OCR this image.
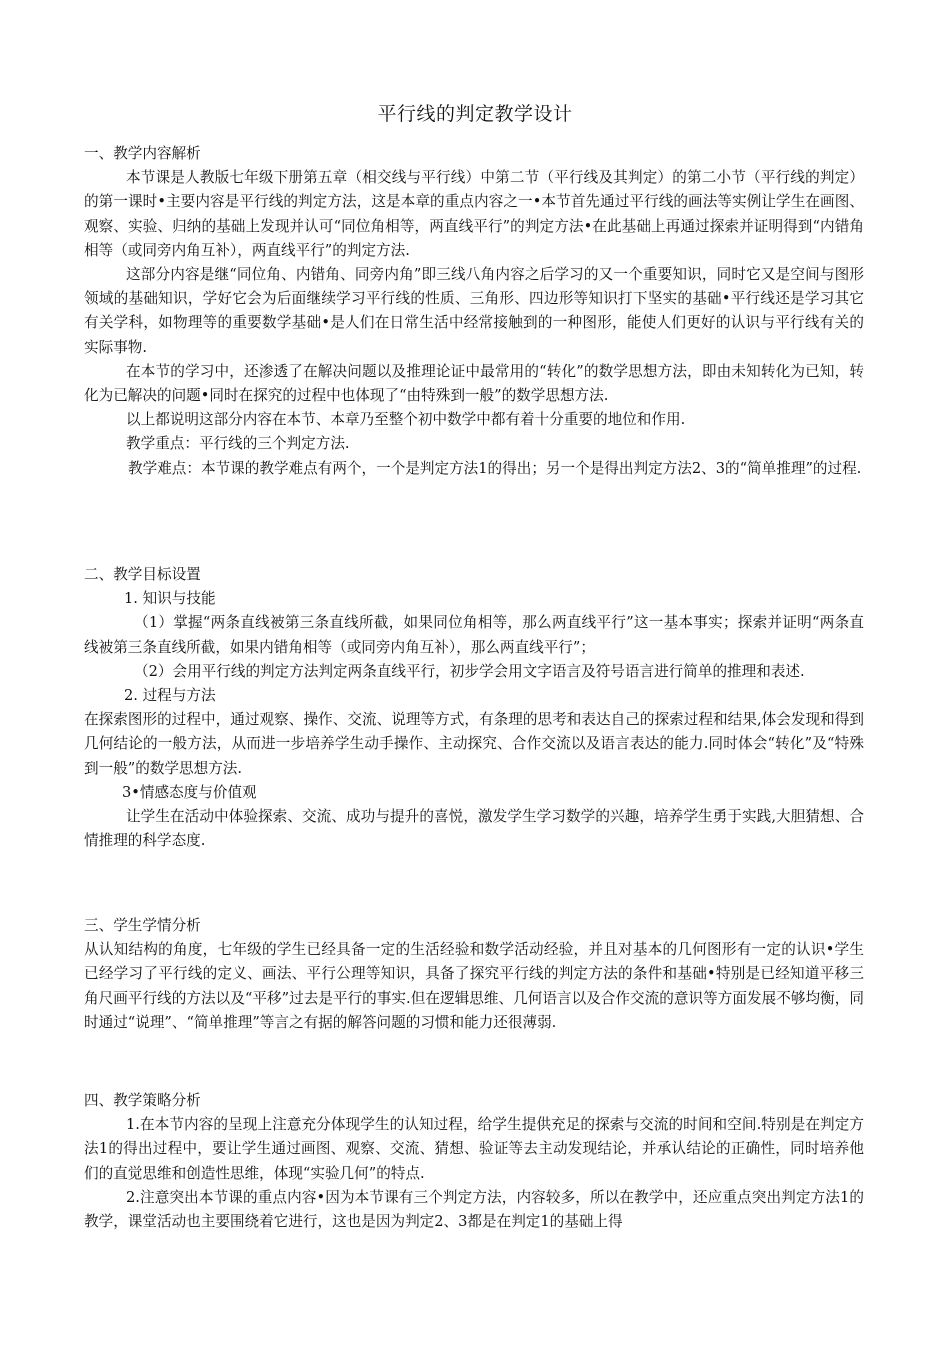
平行线的判定教学设计

一、教学内容解析

本节课是人教版七年级下册第五章（相交线与平行线）中第二节（平行线及其判定）的第二小节（平行线的判定）的第一课时•主要内容是平行线的判定方法，这是本章的重点内容之一•本节首先通过平行线的画法等实例让学生在画图、观察、实验、归纳的基础上发现并认可“同位角相等，两直线平行”的判定方法•在此基础上再通过探索并证明得到“内错角相等（或同旁内角互补），两直线平行”的判定方法.

这部分内容是继“同位角、内错角、同旁内角”即三线八角内容之后学习的又一个重要知识，同时它又是空间与图形领域的基础知识，学好它会为后面继续学习平行线的性质、三角形、四边形等知识打下坚实的基础•平行线还是学习其它有关学科，如物理等的重要数学基础•是人们在日常生活中经常接触到的一种图形，能使人们更好的认识与平行线有关的实际事物.

在本节的学习中，还渗透了在解决问题以及推理论证中最常用的“转化”的数学思想方法，即由未知转化为已知，转化为已解决的问题•同时在探究的过程中也体现了“由特殊到一般”的数学思想方法.

以上都说明这部分内容在本节、本章乃至整个初中数学中都有着十分重要的地位和作用.

教学重点：平行线的三个判定方法.

教学难点：本节课的教学难点有两个，一个是判定方法1的得出；另一个是得出判定方法2、3的“简单推理”的过程.

二、教学目标设置

1. 知识与技能

（1）掌握“两条直线被第三条直线所截，如果同位角相等，那么两直线平行”这一基本事实；探索并证明“两条直线被第三条直线所截，如果内错角相等（或同旁内角互补），那么两直线平行”；

（2）会用平行线的判定方法判定两条直线平行，初步学会用文字语言及符号语言进行简单的推理和表述.

2. 过程与方法

在探索图形的过程中，通过观察、操作、交流、说理等方式，有条理的思考和表达自己的探索过程和结果,体会发现和得到几何结论的一般方法，从而进一步培养学生动手操作、主动探究、合作交流以及语言表达的能力.同时体会“转化”及“特殊到一般”的数学思想方法.

3•情感态度与价值观

让学生在活动中体验探索、交流、成功与提升的喜悦，激发学生学习数学的兴趣，培养学生勇于实践,大胆猜想、合情推理的科学态度.

三、学生学情分析

从认知结构的角度，七年级的学生已经具备一定的生活经验和数学活动经验，并且对基本的几何图形有一定的认识•学生已经学习了平行线的定义、画法、平行公理等知识，具备了探究平行线的判定方法的条件和基础•特别是已经知道平移三角尺画平行线的方法以及“平移”过去是平行的事实.但在逻辑思维、几何语言以及合作交流的意识等方面发展不够均衡，同时通过“说理”、“简单推理”等言之有据的解答问题的习惯和能力还很薄弱.

四、教学策略分析

1.在本节内容的呈现上注意充分体现学生的认知过程，给学生提供充足的探索与交流的时间和空间.特别是在判定方法1的得出过程中，要让学生通过画图、观察、交流、猜想、验证等去主动发现结论，并承认结论的正确性，同时培养他们的直觉思维和创造性思维，体现“实验几何”的特点.

2.注意突出本节课的重点内容•因为本节课有三个判定方法，内容较多，所以在教学中，还应重点突出判定方法1的教学，课堂活动也主要围绕着它进行，这也是因为判定2、3都是在判定1的基础上得
